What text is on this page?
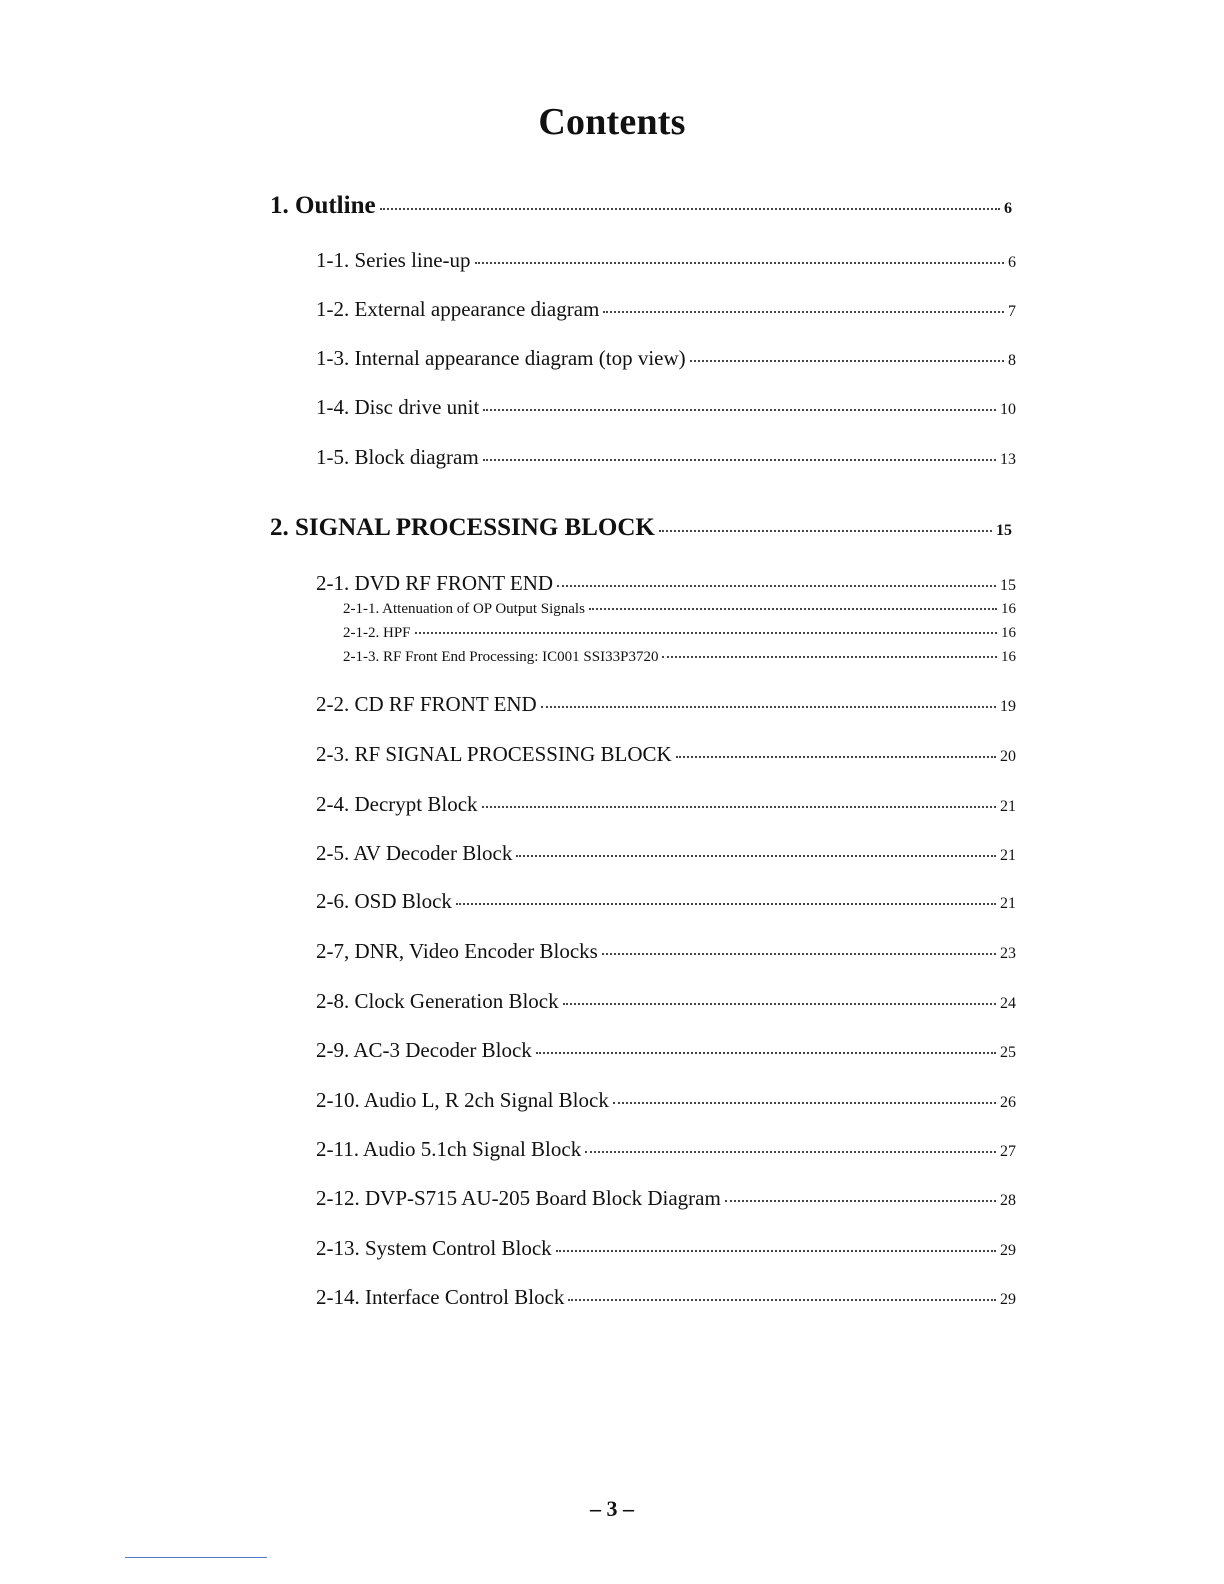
Contents
1. Outline	6
1-1. Series line-up	6
1-2. External appearance diagram	7
1-3. Internal appearance diagram (top view)	8
1-4. Disc drive unit	10
1-5. Block diagram	13
2. SIGNAL PROCESSING BLOCK	15
2-1. DVD RF FRONT END	15
2-1-1. Attenuation of OP Output Signals	16
2-1-2. HPF	16
2-1-3. RF Front End Processing: IC001 SSI33P3720	16
2-2. CD RF FRONT END	19
2-3. RF SIGNAL PROCESSING BLOCK	20
2-4. Decrypt Block	21
2-5. AV Decoder Block	21
2-6. OSD Block	21
2-7, DNR, Video Encoder Blocks	23
2-8. Clock Generation Block	24
2-9. AC-3 Decoder Block	25
2-10. Audio L, R 2ch Signal Block	26
2-11. Audio 5.1ch Signal Block	27
2-12. DVP-S715 AU-205 Board Block Diagram	28
2-13. System Control Block	29
2-14. Interface Control Block	29
– 3 –
